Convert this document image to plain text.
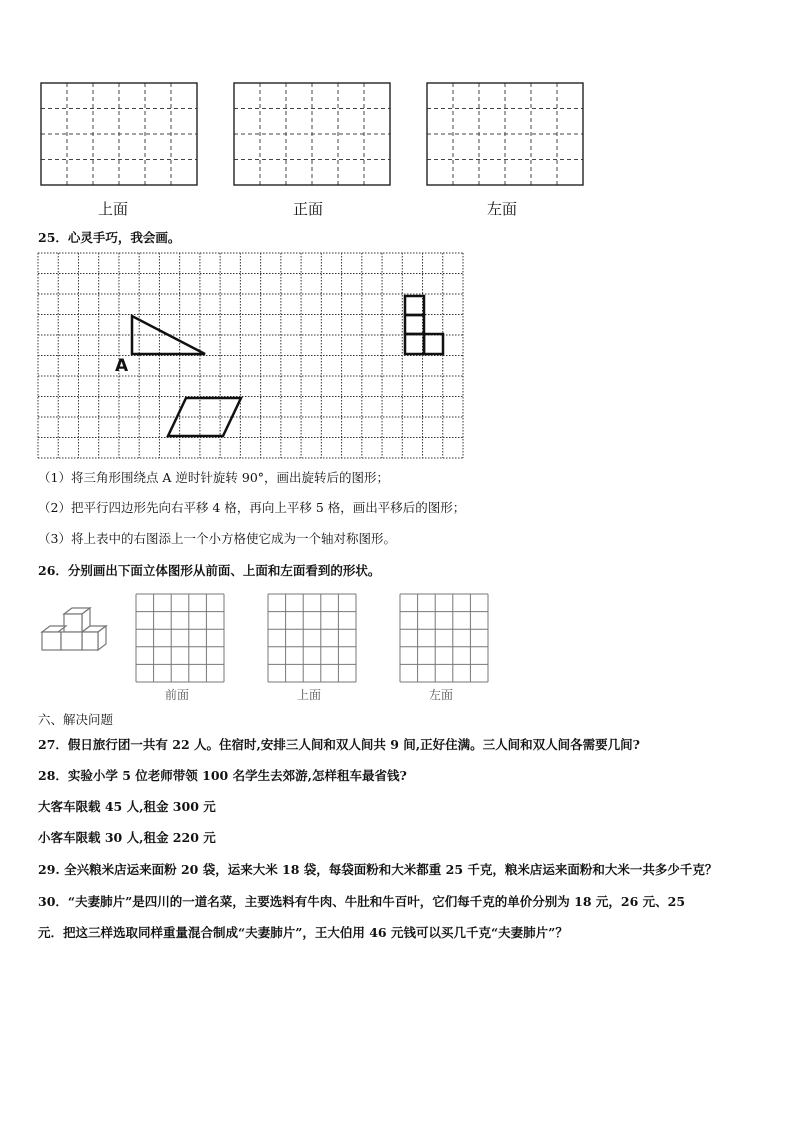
上面	正面	左面
25．心灵手巧，我会画。
A
（1）将三角形围绕点 A 逆时针旋转 90°，画出旋转后的图形；
（2）把平行四边形先向右平移 4 格，再向上平移 5 格，画出平移后的图形；
（3）将上表中的右图添上一个小方格使它成为一个轴对称图形。
26．分别画出下面立体图形从前面、上面和左面看到的形状。
前面	上面	左面
六、解决问题
27．假日旅行团一共有 22 人。住宿时,安排三人间和双人间共 9 间,正好住满。三人间和双人间各需要几间?
28．实验小学 5 位老师带领 100 名学生去郊游,怎样租车最省钱?
大客车限载 45 人,租金 300 元
小客车限载 30 人,租金 220 元
29. 全兴粮米店运来面粉 20 袋，运来大米 18 袋，每袋面粉和大米都重 25 千克，粮米店运来面粉和大米一共多少千克？
30．“夫妻肺片”是四川的一道名菜，主要选料有牛肉、牛肚和牛百叶，它们每千克的单价分别为 18 元，26 元、25
元．把这三样选取同样重量混合制成“夫妻肺片”，王大伯用 46 元钱可以买几千克“夫妻肺片”？
